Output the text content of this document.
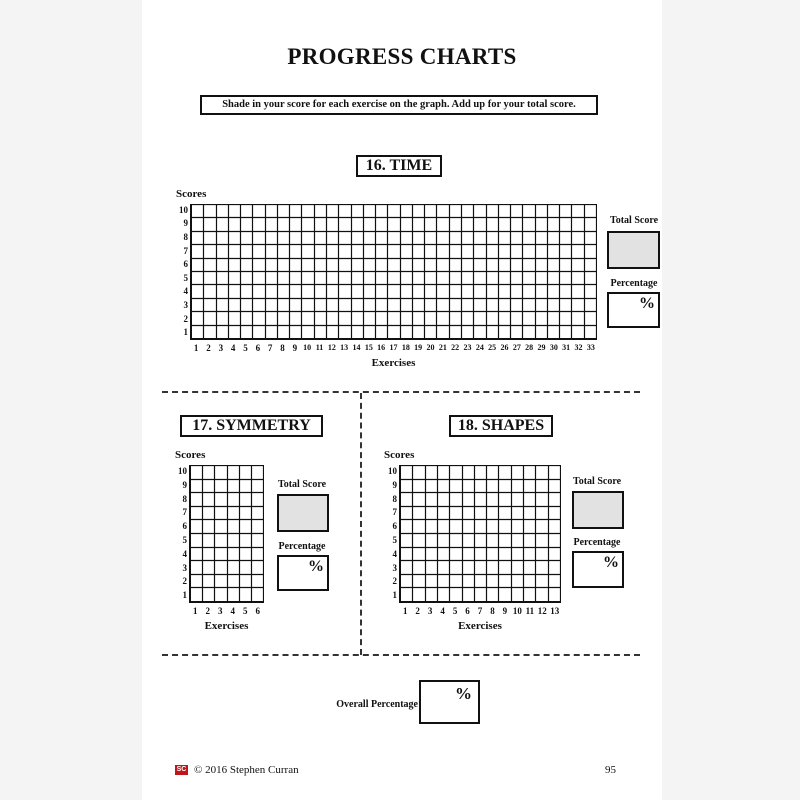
PROGRESS CHARTS
Shade in your score for each exercise on the graph. Add up for your total score.
16. TIME
Scores
1
2
3
4
5
6
7
8
9
10
1 2 3 4 5 6 7 8 9 10 11 12 13 14 15 16 17 18 19 20 21 22 23 24 25 26 27 28 29 30 31 32 33
Exercises
Total Score
Percentage
%
17. SYMMETRY
Scores
1
2
3
4
5
6
7
8
9
10
1 2 3 4 5 6
Exercises
Total Score
Percentage
%
18. SHAPES
Scores
1
2
3
4
5
6
7
8
9
10
1 2 3 4 5 6 7 8 9 10 11 12 13
Exercises
Total Score
Percentage
%
Overall Percentage
%
SC © 2016 Stephen Curran	95
